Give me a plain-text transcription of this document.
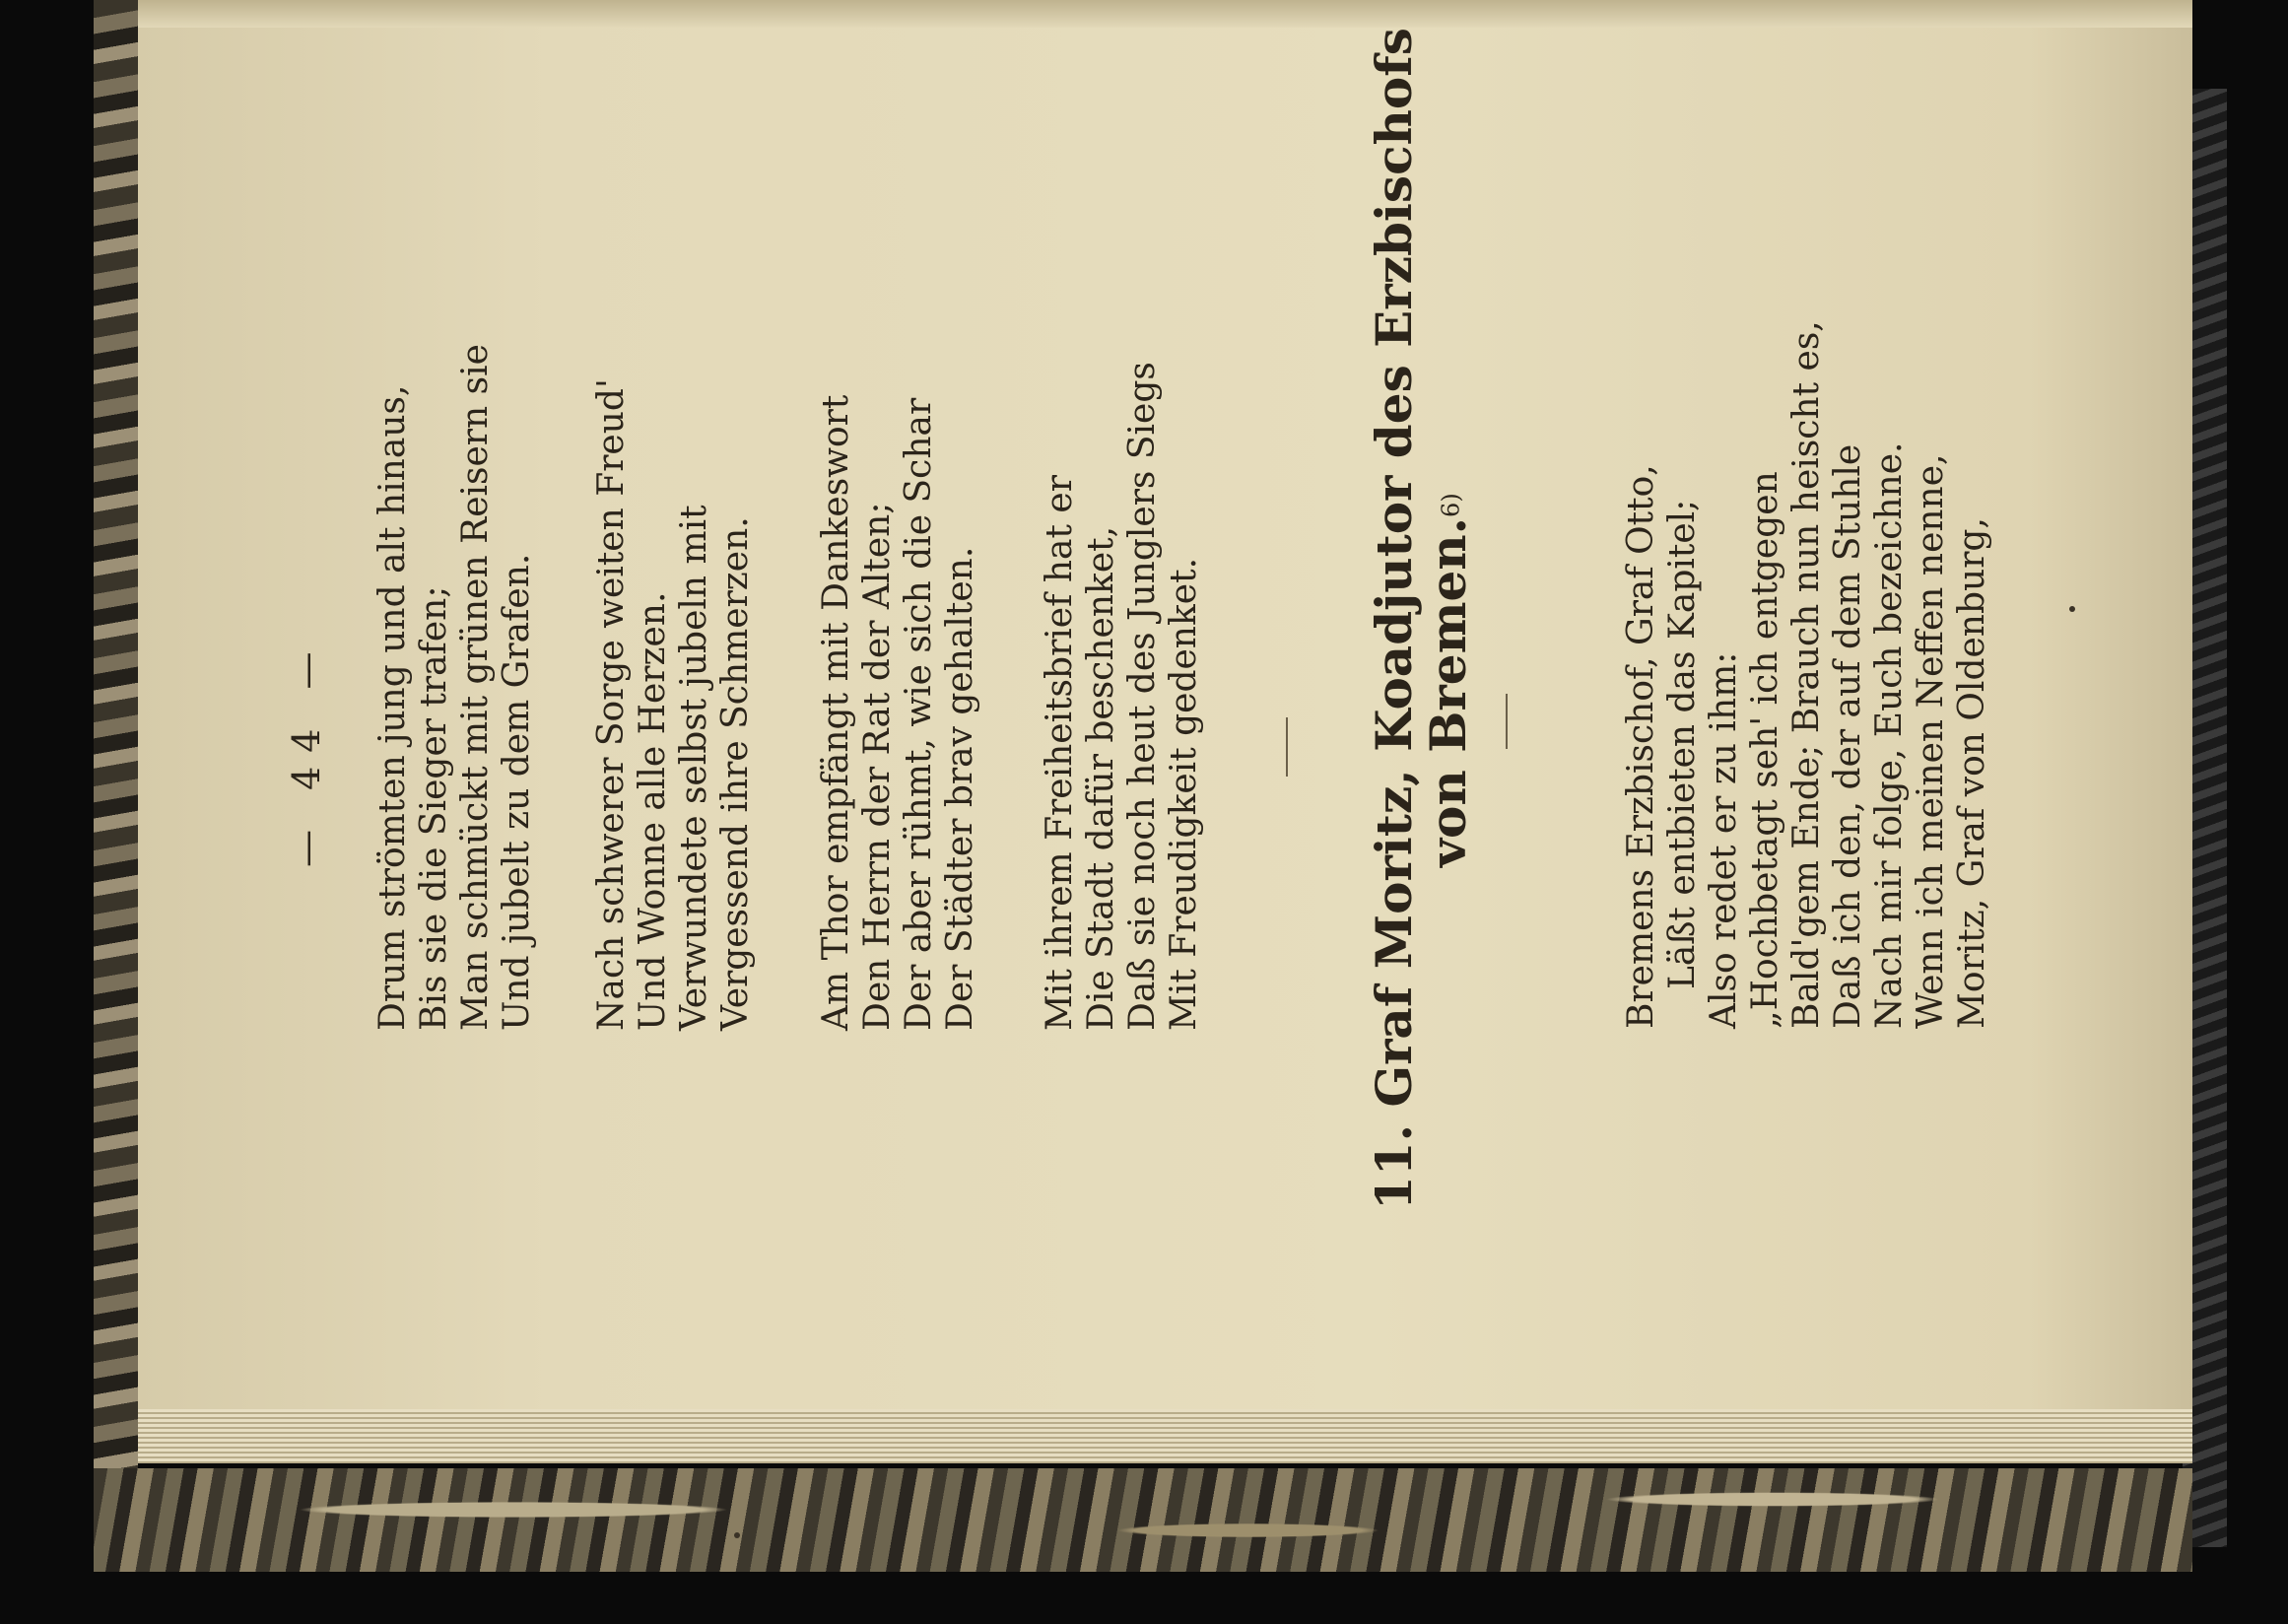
— 44 — Drum strömten jung und alt hinaus, Bis sie die Sieger trafen; Man schmückt mit grünen Reisern sie Und jubelt zu dem Grafen. Nach schwerer Sorge weiten Freud' Und Wonne alle Herzen. Verwundete selbst jubeln mit Vergessend ihre Schmerzen. Am Thor empfängt mit Dankeswort Den Herrn der Rat der Alten; Der aber rühmt, wie sich die Schar Der Städter brav gehalten. Mit ihrem Freiheitsbrief hat er Die Stadt dafür beschenket, Daß sie noch heut des Junglers Siegs Mit Freudigkeit gedenket.	11. Graf Moritz, Koadjutor des Erzbischofs
von Bremen.$^{6)}$	Bremens Erzbischof, Graf Otto, Läßt entbieten das Kapitel; Also redet er zu ihm: „Hochbetagt seh' ich entgegen Bald'gem Ende; Brauch nun heischt es, Daß ich den, der auf dem Stuhle Nach mir folge, Euch bezeichne. Wenn ich meinen Neffen nenne, Moritz, Graf von Oldenburg,
